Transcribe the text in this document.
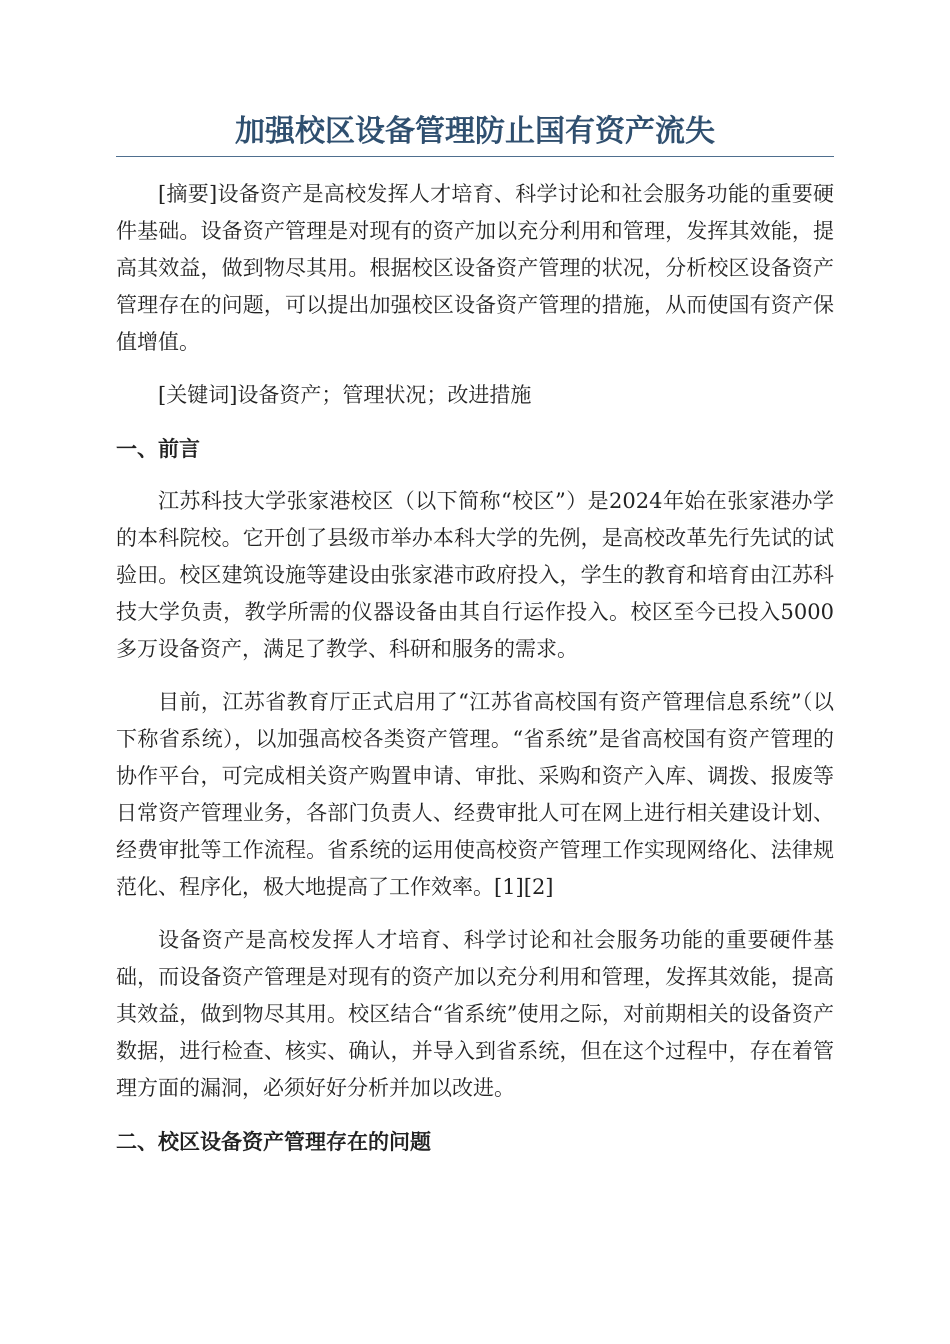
加强校区设备管理防止国有资产流失

[摘要]设备资产是高校发挥人才培育、科学讨论和社会服务功能的重要硬件基础。设备资产管理是对现有的资产加以充分利用和管理，发挥其效能，提高其效益，做到物尽其用。根据校区设备资产管理的状况，分析校区设备资产管理存在的问题，可以提出加强校区设备资产管理的措施，从而使国有资产保值增值。

[关键词]设备资产；管理状况；改进措施

一、前言

江苏科技大学张家港校区（以下简称“校区”）是2024年始在张家港办学的本科院校。它开创了县级市举办本科大学的先例，是高校改革先行先试的试验田。校区建筑设施等建设由张家港市政府投入，学生的教育和培育由江苏科技大学负责，教学所需的仪器设备由其自行运作投入。校区至今已投入5000多万设备资产，满足了教学、科研和服务的需求。

目前，江苏省教育厅正式启用了“江苏省高校国有资产管理信息系统”（以下称省系统），以加强高校各类资产管理。“省系统”是省高校国有资产管理的协作平台，可完成相关资产购置申请、审批、采购和资产入库、调拨、报废等日常资产管理业务，各部门负责人、经费审批人可在网上进行相关建设计划、经费审批等工作流程。省系统的运用使高校资产管理工作实现网络化、法律规范化、程序化，极大地提高了工作效率。[1][2]

设备资产是高校发挥人才培育、科学讨论和社会服务功能的重要硬件基础，而设备资产管理是对现有的资产加以充分利用和管理，发挥其效能，提高其效益，做到物尽其用。校区结合“省系统”使用之际，对前期相关的设备资产数据，进行检查、核实、确认，并导入到省系统，但在这个过程中，存在着管理方面的漏洞，必须好好分析并加以改进。

二、校区设备资产管理存在的问题
